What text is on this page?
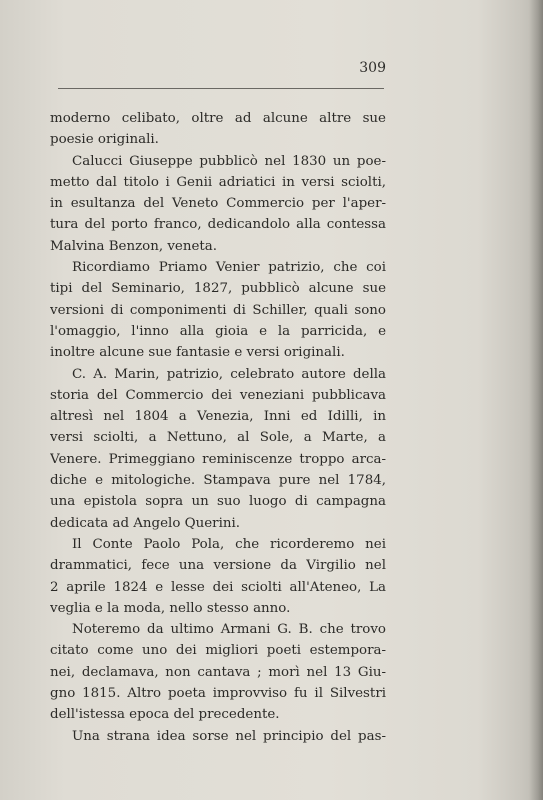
309
moderno celibato, oltre ad alcune altre sue
poesie originali.
Calucci Giuseppe pubblicò nel 1830 un poe-
metto dal titolo i Genii adriatici in versi sciolti,
in esultanza del Veneto Commercio per l'aper-
tura del porto franco, dedicandolo alla contessa
Malvina Benzon, veneta.
Ricordiamo Priamo Venier patrizio, che coi
tipi del Seminario, 1827, pubblicò alcune sue
versioni di componimenti di Schiller, quali sono
l'omaggio, l'inno alla gioia e la parricida, e
inoltre alcune sue fantasie e versi originali.
C. A. Marin, patrizio, celebrato autore della
storia del Commercio dei veneziani pubblicava
altresì nel 1804 a Venezia, Inni ed Idilli, in
versi sciolti, a Nettuno, al Sole, a Marte, a
Venere. Primeggiano reminiscenze troppo arca-
diche e mitologiche. Stampava pure nel 1784,
una epistola sopra un suo luogo di campagna
dedicata ad Angelo Querini.
Il Conte Paolo Pola, che ricorderemo nei
drammatici, fece una versione da Virgilio nel
2 aprile 1824 e lesse dei sciolti all'Ateneo, La
veglia e la moda, nello stesso anno.
Noteremo da ultimo Armani G. B. che trovo
citato come uno dei migliori poeti estempora-
nei, declamava, non cantava ; morì nel 13 Giu-
gno 1815. Altro poeta improvviso fu il Silvestri
dell'istessa epoca del precedente.
Una strana idea sorse nel principio del pas-
